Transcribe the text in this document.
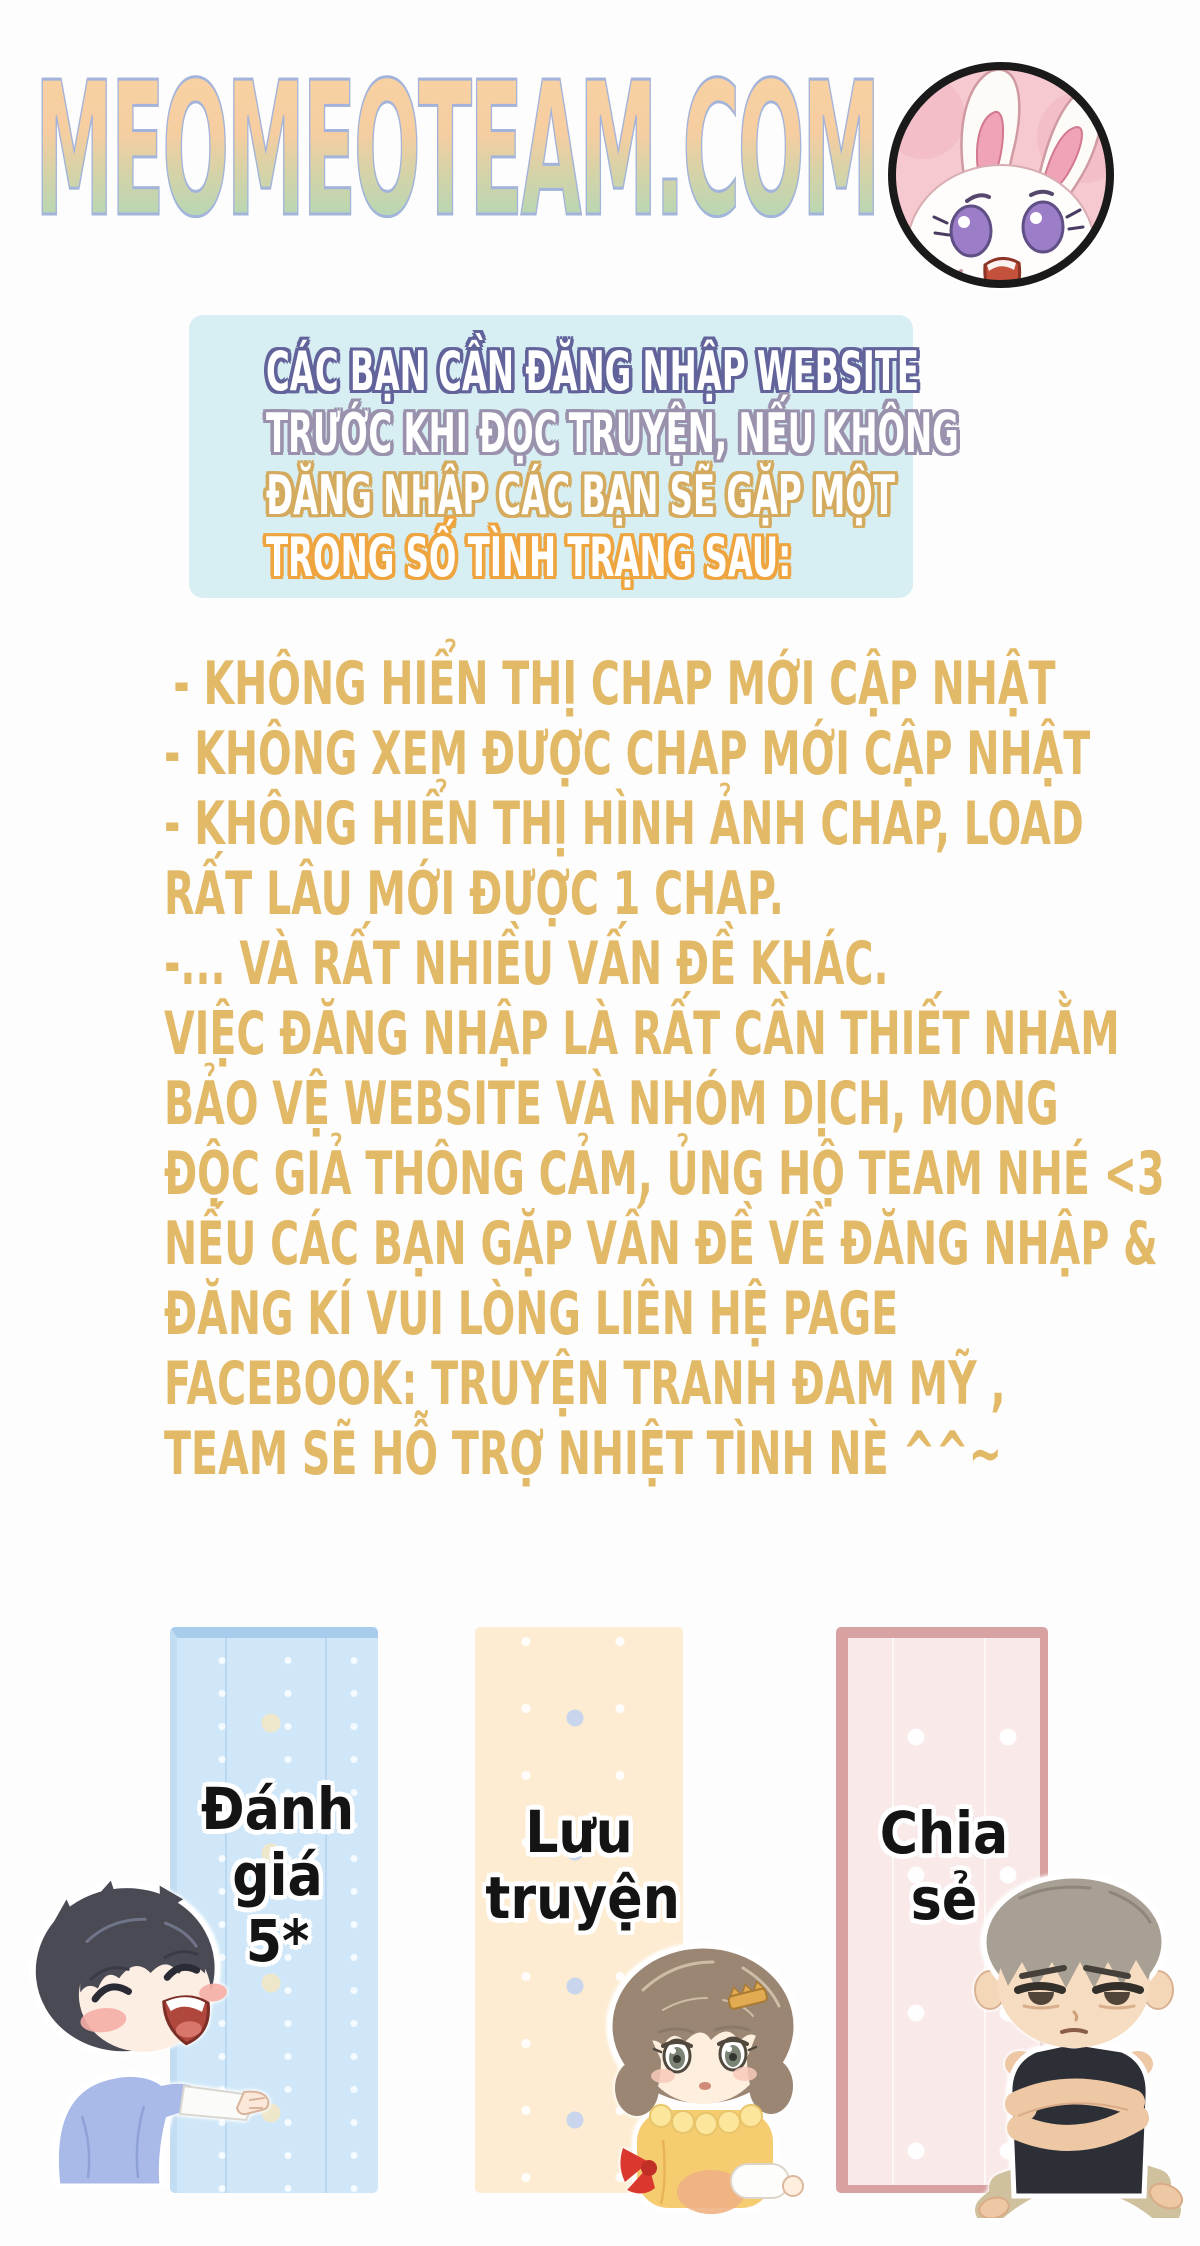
MEOMEOTEAM.COM
CÁC BẠN CẦN ĐĂNG NHẬP WEBSITE
TRƯỚC KHI ĐỌC TRUYỆN, NẾU KHÔNG
ĐĂNG NHẬP CÁC BẠN SẼ GẶP MỘT
TRONG SỐ TÌNH TRẠNG SAU:
- KHÔNG HIỂN THỊ CHAP MỚI CẬP NHẬT
- KHÔNG XEM ĐƯỢC CHAP MỚI CẬP NHẬT
- KHÔNG HIỂN THỊ HÌNH ẢNH CHAP, LOAD
RẤT LÂU MỚI ĐƯỢC 1 CHAP.
-... VÀ RẤT NHIỀU VẤN ĐỀ KHÁC.
VIỆC ĐĂNG NHẬP LÀ RẤT CẦN THIẾT NHẰM
BẢO VỆ WEBSITE VÀ NHÓM DỊCH, MONG
ĐỘC GIẢ THÔNG CẢM, ỦNG HỘ TEAM NHÉ <3
NẾU CÁC BẠN GẶP VẤN ĐỀ VỀ ĐĂNG NHẬP &
ĐĂNG KÍ VUI LÒNG LIÊN HỆ PAGE
FACEBOOK: TRUYỆN TRANH ĐAM MỸ ,
TEAM SẼ HỖ TRỢ NHIỆT TÌNH NÈ ^^~
Đánh
giá
5*
Lưu
truyện
Chia
sẻ
